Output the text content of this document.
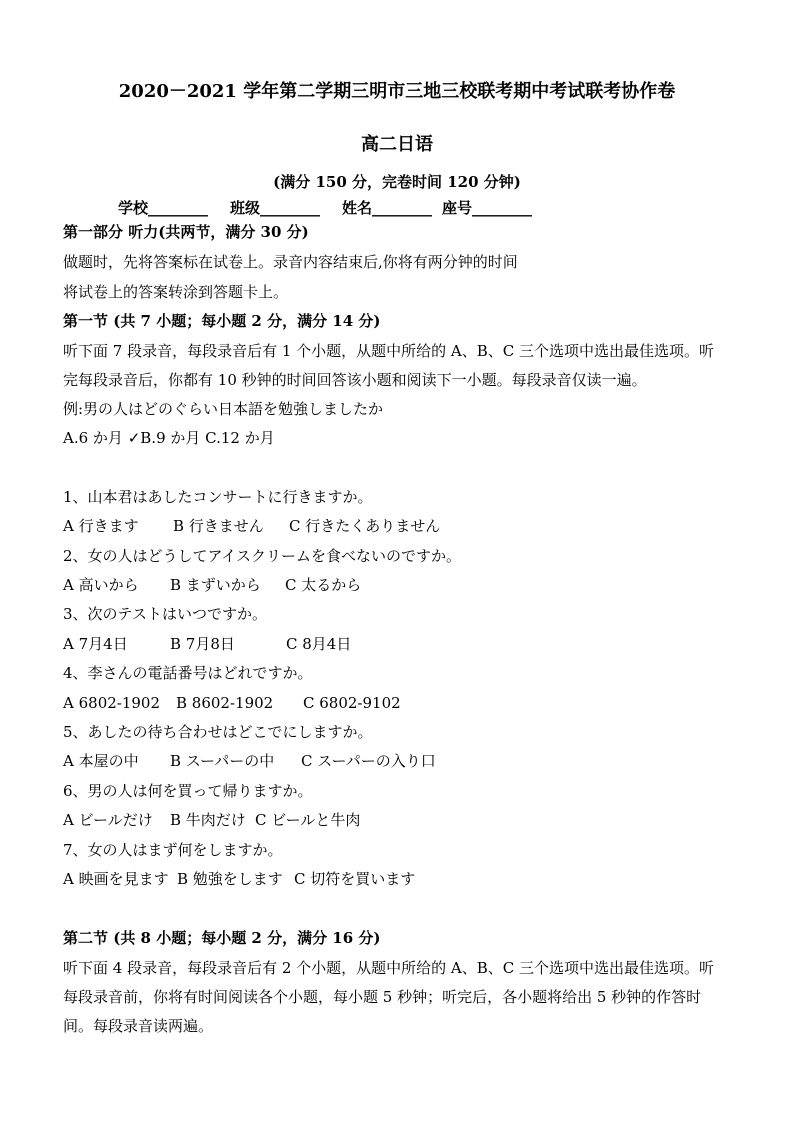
2020－2021 学年第二学期三明市三地三校联考期中考试联考协作卷
高二日语
(满分 150 分，完卷时间 120 分钟)
学校________ 班级________ 姓名________ 座号________
第一部分 听力(共两节，满分 30 分)
做题时，先将答案标在试卷上。录音内容结束后,你将有两分钟的时间
将试卷上的答案转涂到答题卡上。
第一节 (共 7 小题；每小题 2 分，满分 14 分)
听下面 7 段录音，每段录音后有 1 个小题，从题中所给的 A、B、C 三个选项中选出最佳选项。听
完每段录音后，你都有 10 秒钟的时间回答该小题和阅读下一小题。每段录音仅读一遍。
例:男の人はどのぐらい日本語を勉強しましたか
A.6 か月 ✓B.9 か月 C.12 か月
1、山本君はあしたコンサートに行きますか。
A 行きます B 行きません C 行きたくありません
2、女の人はどうしてアイスクリームを食べないのですか。
A 高いから B まずいから C 太るから
3、次のテストはいつですか。
A 7月4日	B 7月8日	C 8月4日
4、李さんの電話番号はどれですか。
A 6802-1902 B 8602-1902 C 6802-9102
5、あしたの待ち合わせはどこでにしますか。
A 本屋の中 B スーパーの中 C スーパーの入り口
6、男の人は何を買って帰りますか。
A ビールだけ B 牛肉だけ C ビールと牛肉
7、女の人はまず何をしますか。
A 映画を見ます B 勉強をします C 切符を買います
第二节 (共 8 小题；每小题 2 分，满分 16 分)
听下面 4 段录音，每段录音后有 2 个小题，从题中所给的 A、B、C 三个选项中选出最佳选项。听
每段录音前，你将有时间阅读各个小题，每小题 5 秒钟；听完后，各小题将给出 5 秒钟的作答时
间。每段录音读两遍。
